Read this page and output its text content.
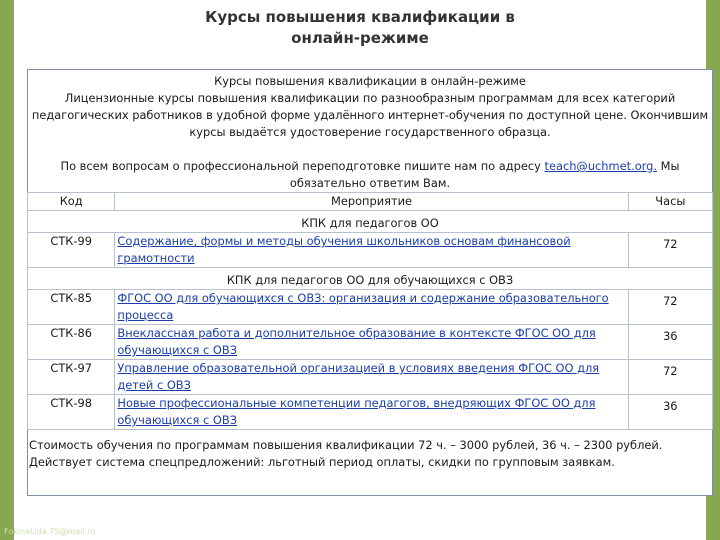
Курсы повышения квалификации в
онлайн-режиме

Курсы повышения квалификации в онлайн-режиме

Лицензионные курсы повышения квалификации по разнообразным программам для всех категорий

педагогических работников в удобной форме удалённого интернет-обучения по доступной цене. Окончившим

курсы выдаётся удостоверение государственного образца.

По всем вопросам о профессиональной переподготовке пишите нам по адресу teach@uchmet.org. Мы

обязательно ответим Вам.

Код	Мероприятие	Часы
КПК для педагогов ОО		
СТК-99	Содержание, формы и методы обучения школьников основам финансовой грамотности	72

КПК для педагогов ОО для обучающихся с ОВЗ		
СТК-85	ФГОС ОО для обучающихся с ОВЗ: организация и содержание образовательного процесса	72

СТК-86	Внеклассная работа и дополнительное образование в контексте ФГОС ОО для обучающихся с ОВЗ	36

СТК-97	Управление образовательной организацией в условиях введения ФГОС ОО для детей с ОВЗ	72

СТК-98	Новые профессиональные компетенции педагогов, внедряющих ФГОС ОО для обучающихся с ОВЗ	36

Стоимость обучения по программам повышения квалификации 72 ч. – 3000 рублей, 36 ч. – 2300 рублей.

Действует система спецпредложений: льготный период оплаты, скидки по групповым заявкам.

FokinaLida.75@mail.ru
